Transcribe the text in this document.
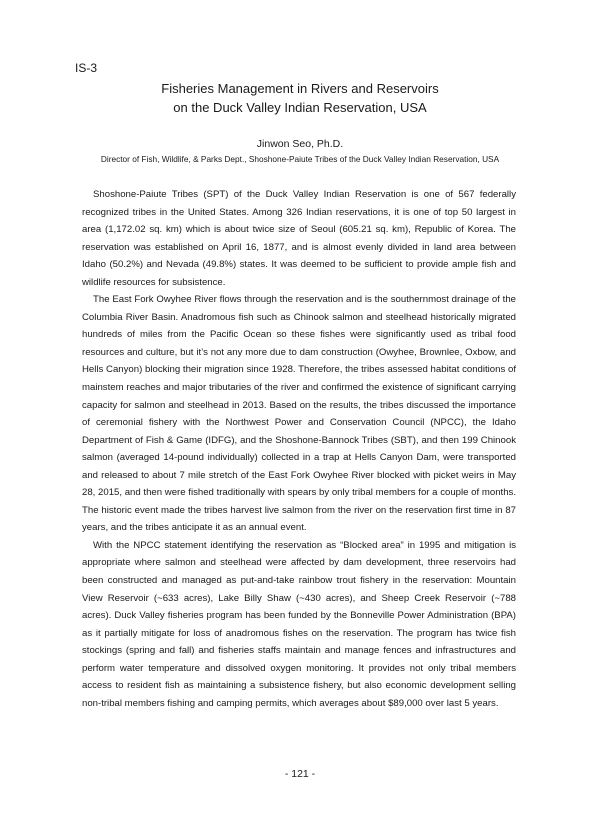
IS-3
Fisheries Management in Rivers and Reservoirs
on the Duck Valley Indian Reservation, USA
Jinwon Seo, Ph.D.
Director of Fish, Wildlife, & Parks Dept., Shoshone-Paiute Tribes of the Duck Valley Indian Reservation, USA

Shoshone-Paiute Tribes (SPT) of the Duck Valley Indian Reservation is one of 567 federally recognized tribes in the United States. Among 326 Indian reservations, it is one of top 50 largest in area (1,172.02 sq. km) which is about twice size of Seoul (605.21 sq. km), Republic of Korea. The reservation was established on April 16, 1877, and is almost evenly divided in land area between Idaho (50.2%) and Nevada (49.8%) states. It was deemed to be sufficient to provide ample fish and wildlife resources for subsistence.

The East Fork Owyhee River flows through the reservation and is the southernmost drainage of the Columbia River Basin. Anadromous fish such as Chinook salmon and steelhead historically migrated hundreds of miles from the Pacific Ocean so these fishes were significantly used as tribal food resources and culture, but it’s not any more due to dam construction (Owyhee, Brownlee, Oxbow, and Hells Canyon) blocking their migration since 1928. Therefore, the tribes assessed habitat conditions of mainstem reaches and major tributaries of the river and confirmed the existence of significant carrying capacity for salmon and steelhead in 2013. Based on the results, the tribes discussed the importance of ceremonial fishery with the Northwest Power and Conservation Council (NPCC), the Idaho Department of Fish & Game (IDFG), and the Shoshone-Bannock Tribes (SBT), and then 199 Chinook salmon (averaged 14-pound individually) collected in a trap at Hells Canyon Dam, were transported and released to about 7 mile stretch of the East Fork Owyhee River blocked with picket weirs in May 28, 2015, and then were fished traditionally with spears by only tribal members for a couple of months. The historic event made the tribes harvest live salmon from the river on the reservation first time in 87 years, and the tribes anticipate it as an annual event.

With the NPCC statement identifying the reservation as “Blocked area” in 1995 and mitigation is appropriate where salmon and steelhead were affected by dam development, three reservoirs had been constructed and managed as put-and-take rainbow trout fishery in the reservation: Mountain View Reservoir (~633 acres), Lake Billy Shaw (~430 acres), and Sheep Creek Reservoir (~788 acres). Duck Valley fisheries program has been funded by the Bonneville Power Administration (BPA) as it partially mitigate for loss of anadromous fishes on the reservation. The program has twice fish stockings (spring and fall) and fisheries staffs maintain and manage fences and infrastructures and perform water temperature and dissolved oxygen monitoring. It provides not only tribal members access to resident fish as maintaining a subsistence fishery, but also economic development selling non-tribal members fishing and camping permits, which averages about $89,000 over last 5 years.

- 121 -
